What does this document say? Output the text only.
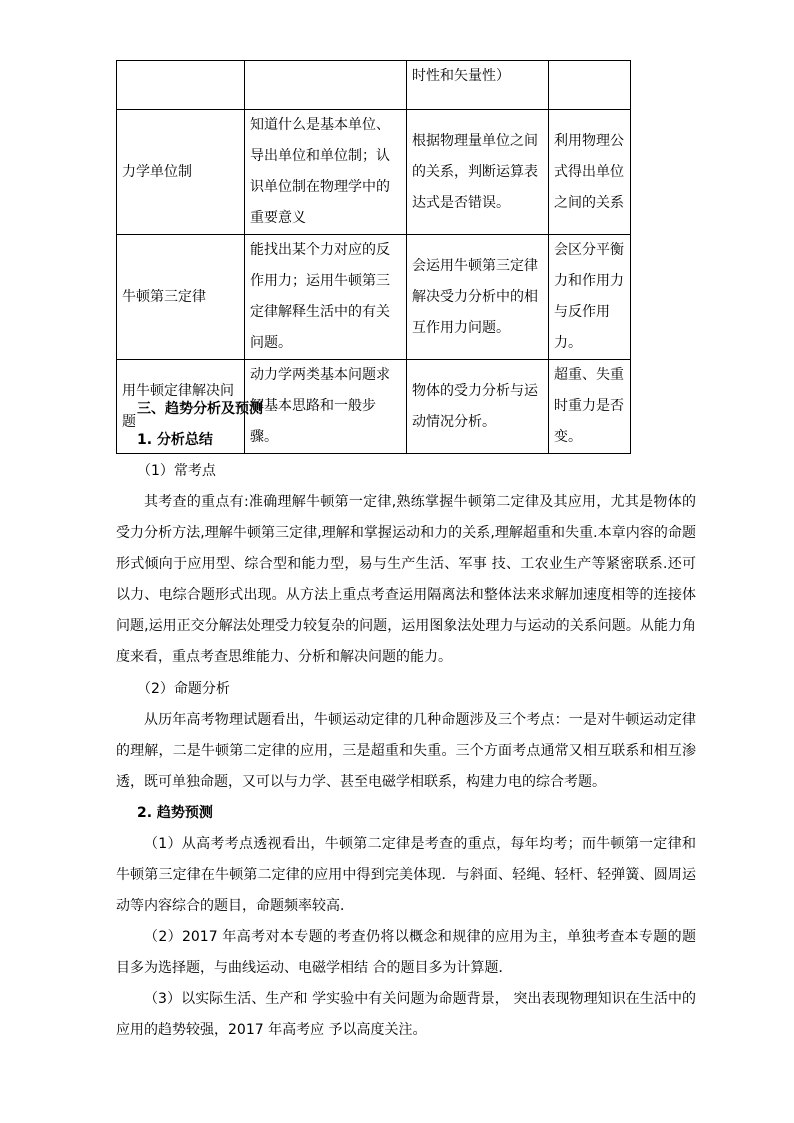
		时性和矢量性）	
力学单位制	知道什么是基本单位、 导出单位和单位制；认识单位制在物理学中的重要意义	根据物理量单位之间的关系，判断运算表达式是否错误。	利用物理公式得出单位之间的关系
牛顿第三定律	能找出某个力对应的反作用力；运用牛顿第三定律解释生活中的有关问题。	会运用牛顿第三定律解决受力分析中的相互作用力问题。	会区分平衡力和作用力与反作用力。
用牛顿定律解决问题	动力学两类基本问题求解基本思路和一般步骤。	物体的受力分析与运动情况分析。	超重、失重时重力是否变。
三、趋势分析及预测
1. 分析总结
（1）常考点
其考查的重点有:准确理解牛顿第一定律,熟练掌握牛顿第二定律及其应用，尤其是物体的受力分析方法,理解牛顿第三定律,理解和掌握运动和力的关系,理解超重和失重.本章内容的命题形式倾向于应用型、综合型和能力型，易与生产生活、军事 技、工农业生产等紧密联系.还可以力、电综合题形式出现。从方法上重点考查运用隔离法和整体法来求解加速度相等的连接体问题,运用正交分解法处理受力较复杂的问题，运用图象法处理力与运动的关系问题。从能力角度来看，重点考查思维能力、分析和解决问题的能力。
（2）命题分析
从历年高考物理试题看出，牛顿运动定律的几种命题涉及三个考点：一是对牛顿运动定律的理解，二是牛顿第二定律的应用，三是超重和失重。三个方面考点通常又相互联系和相互渗透，既可单独命题，又可以与力学、甚至电磁学相联系，构建力电的综合考题。
2. 趋势预测
（1）从高考考点透视看出，牛顿第二定律是考查的重点，每年均考；而牛顿第一定律和牛顿第三定律在牛顿第二定律的应用中得到完美体现．与斜面、轻绳、轻杆、轻弹簧、圆周运动等内容综合的题目，命题频率较高．
（2）2017 年高考对本专题的考查仍将以概念和规律的应用为主，单独考查本专题的题目多为选择题，与曲线运动、电磁学相结 合的题目多为计算题．
（3）以实际生活、生产和 学实验中有关问题为命题背景， 突出表现物理知识在生活中的应用的趋势较强，2017 年高考应 予以高度关注。
